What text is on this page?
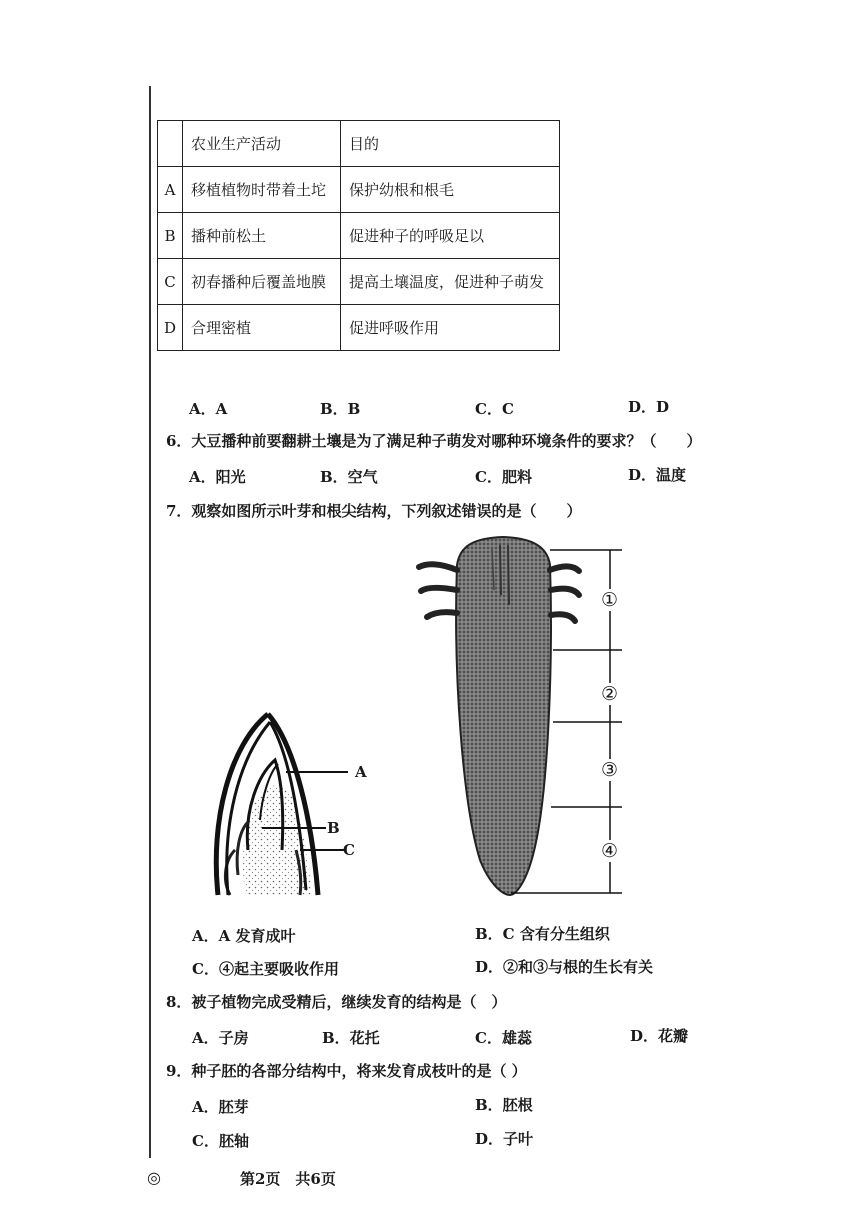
	农业生产活动	目的
A	移植植物时带着土坨	保护幼根和根毛
B	播种前松土	促进种子的呼吸足以
C	初春播种后覆盖地膜	提高土壤温度，促进种子萌发
D	合理密植	促进呼吸作用
A．A	B．B	C．C	D．D
6．大豆播种前要翻耕土壤是为了满足种子萌发对哪种环境条件的要求？（　　）
A．阳光	B．空气	C．肥料	D．温度
7．观察如图所示叶芽和根尖结构，下列叙述错误的是（　　）
A
B
C
①
②
③
④
A．A 发育成叶	B．C 含有分生组织
C．④起主要吸收作用	D．②和③与根的生长有关
8．被子植物完成受精后，继续发育的结构是（　）
A．子房	B．花托	C．雄蕊	D．花瓣
9．种子胚的各部分结构中，将来发育成枝叶的是（ ）
A．胚芽	B．胚根
C．胚轴	D．子叶
◎	第2页　共6页
